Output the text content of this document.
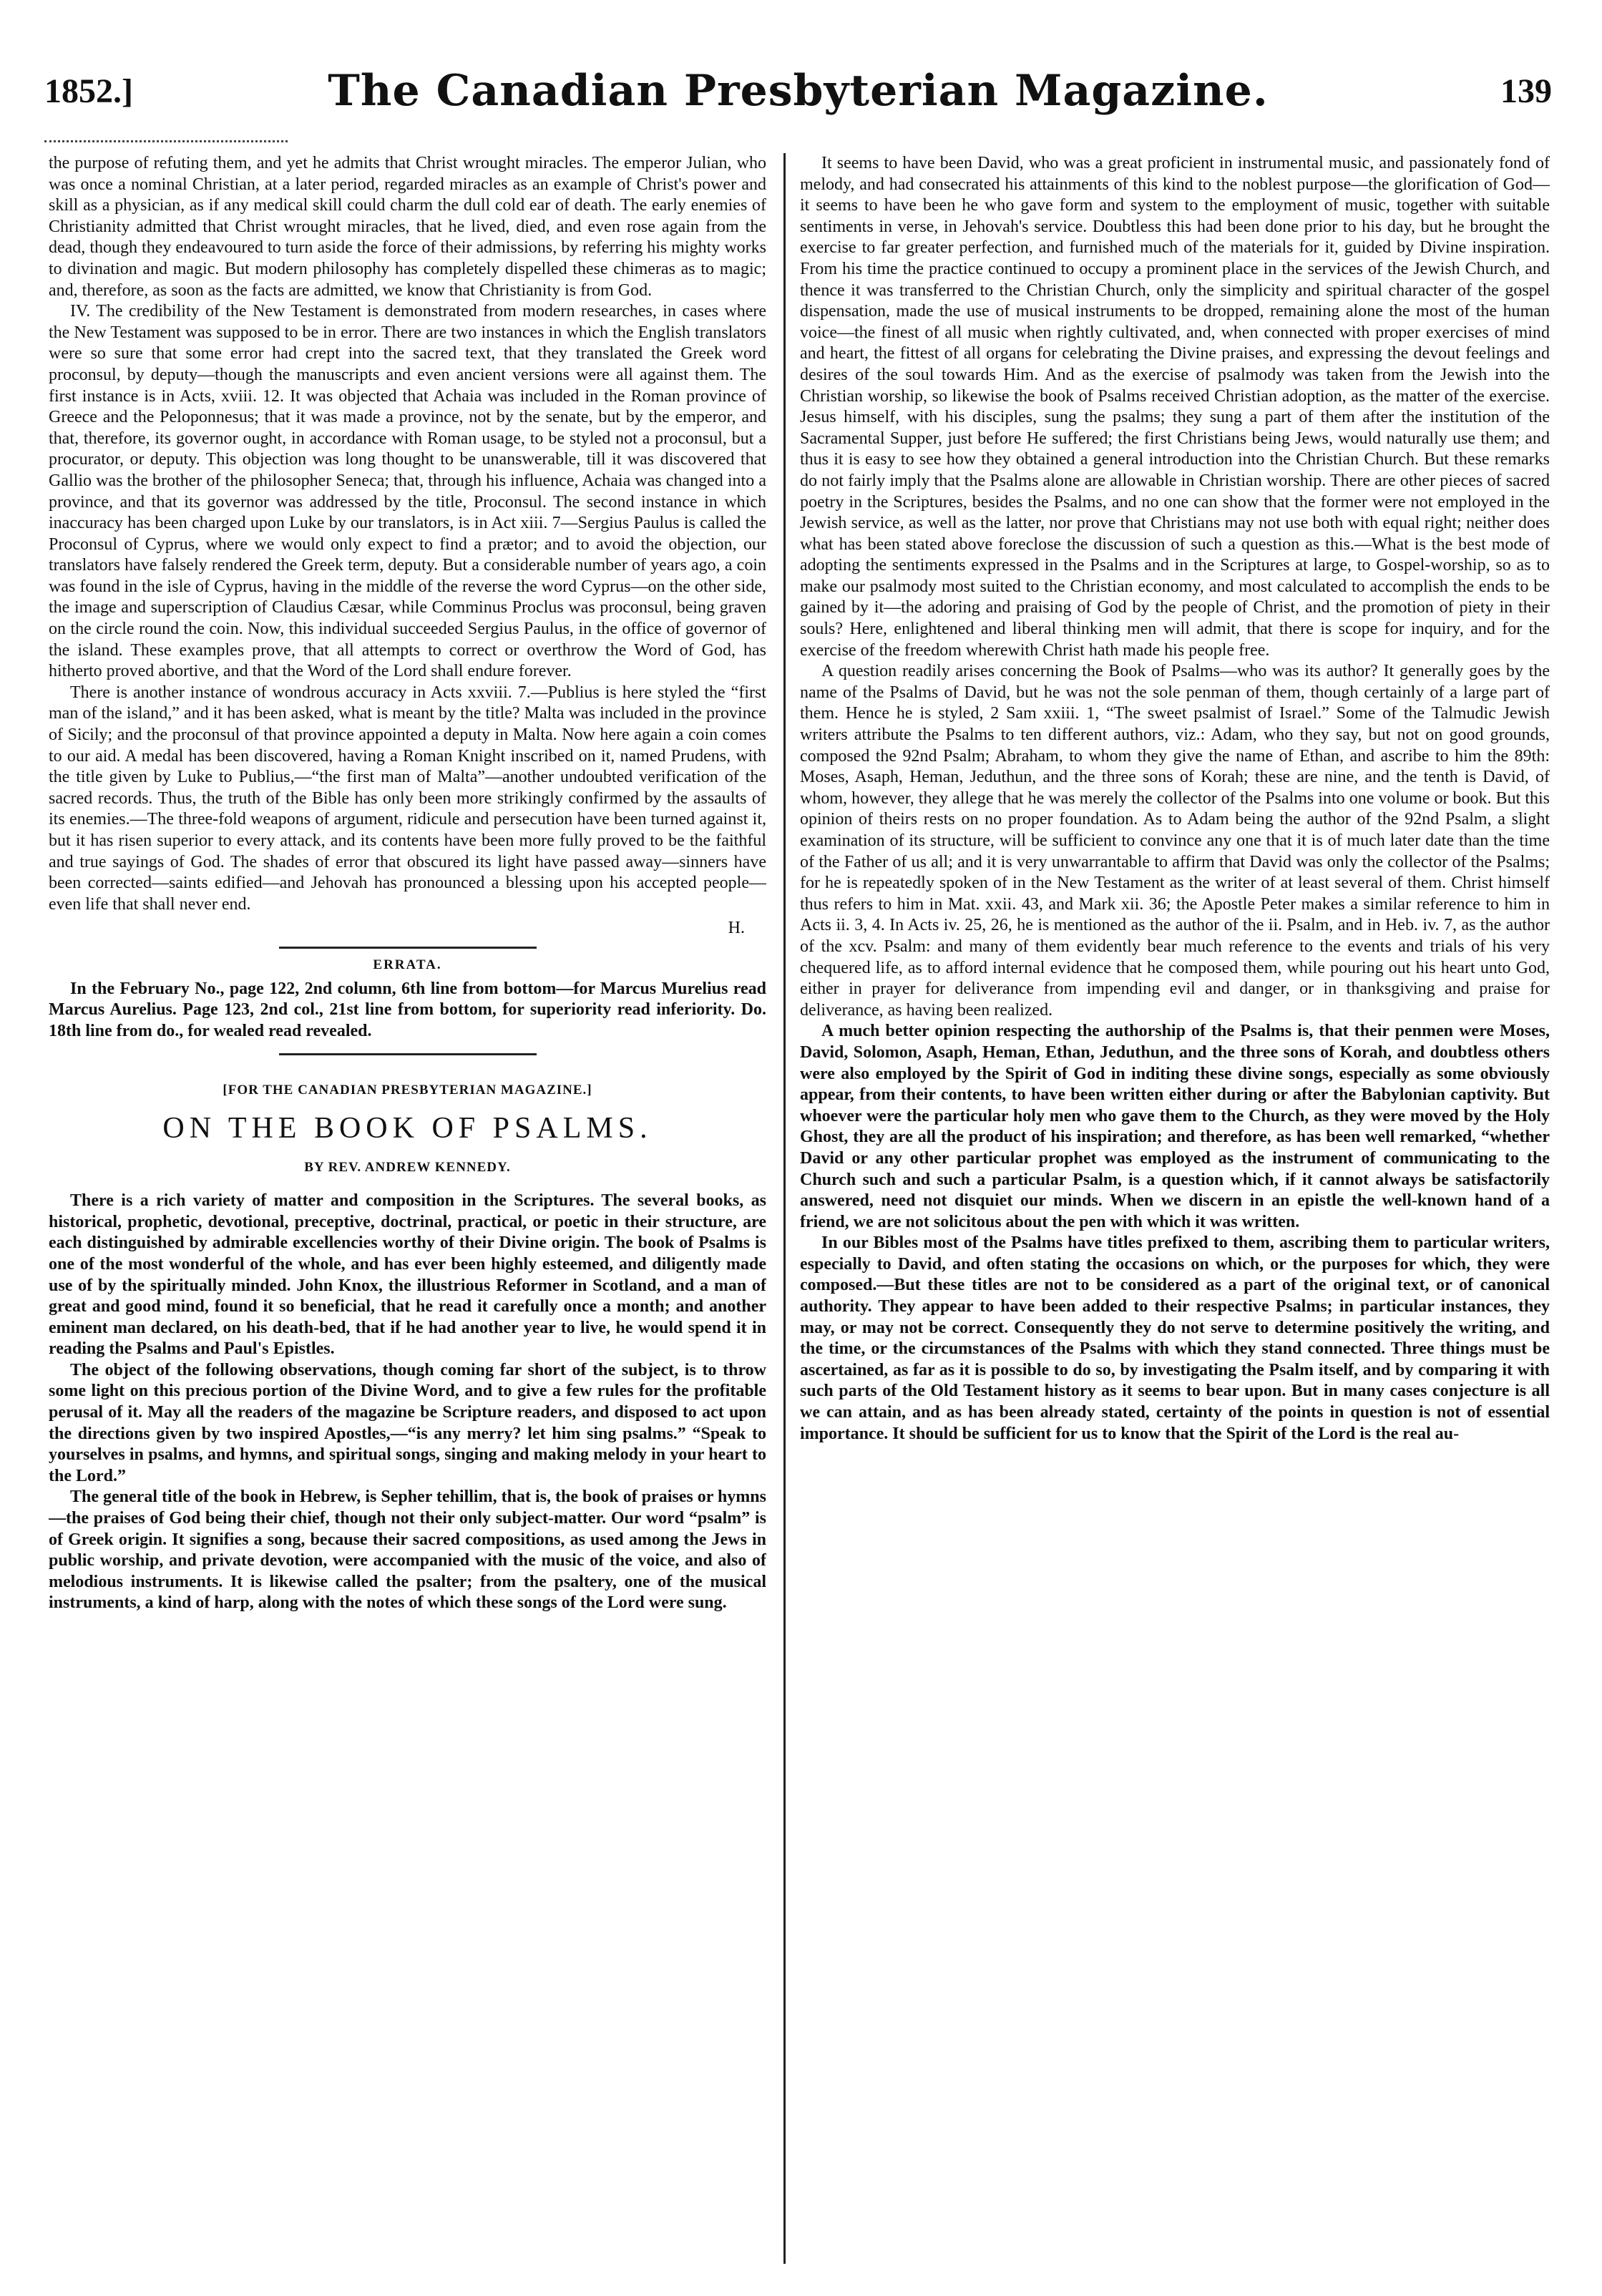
1852.]	The Canadian Presbyterian Magazine.	139

the purpose of refuting them, and yet he admits that Christ wrought miracles. The emperor Julian, who was once a nominal Christian, at a later period, regarded miracles as an example of Christ's power and skill as a physician, as if any medical skill could charm the dull cold ear of death. The early enemies of Christianity admitted that Christ wrought miracles, that he lived, died, and even rose again from the dead, though they endeavoured to turn aside the force of their admissions, by referring his mighty works to divination and magic. But modern philosophy has completely dispelled these chimeras as to magic; and, therefore, as soon as the facts are admitted, we know that Christianity is from God.

IV. The credibility of the New Testament is demonstrated from modern researches, in cases where the New Testament was supposed to be in error. There are two instances in which the English translators were so sure that some error had crept into the sacred text, that they translated the Greek word proconsul, by deputy—though the manuscripts and even ancient versions were all against them. The first instance is in Acts, xviii. 12. It was objected that Achaia was included in the Roman province of Greece and the Peloponnesus; that it was made a province, not by the senate, but by the emperor, and that, therefore, its governor ought, in accordance with Roman usage, to be styled not a proconsul, but a procurator, or deputy. This objection was long thought to be unanswerable, till it was discovered that Gallio was the brother of the philosopher Seneca; that, through his influence, Achaia was changed into a province, and that its governor was addressed by the title, Proconsul. The second instance in which inaccuracy has been charged upon Luke by our translators, is in Act xiii. 7—Sergius Paulus is called the Proconsul of Cyprus, where we would only expect to find a prætor; and to avoid the objection, our translators have falsely rendered the Greek term, deputy. But a considerable number of years ago, a coin was found in the isle of Cyprus, having in the middle of the reverse the word Cyprus—on the other side, the image and superscription of Claudius Cæsar, while Comminus Proclus was proconsul, being graven on the circle round the coin. Now, this individual succeeded Sergius Paulus, in the office of governor of the island. These examples prove, that all attempts to correct or overthrow the Word of God, has hitherto proved abortive, and that the Word of the Lord shall endure forever.

There is another instance of wondrous accuracy in Acts xxviii. 7.—Publius is here styled the “first man of the island,” and it has been asked, what is meant by the title? Malta was included in the province of Sicily; and the proconsul of that province appointed a deputy in Malta. Now here again a coin comes to our aid. A medal has been discovered, having a Roman Knight inscribed on it, named Prudens, with the title given by Luke to Publius,—“the first man of Malta”—another undoubted verification of the sacred records. Thus, the truth of the Bible has only been more strikingly confirmed by the assaults of its enemies.—The three-fold weapons of argument, ridicule and persecution have been turned against it, but it has risen superior to every attack, and its contents have been more fully proved to be the faithful and true sayings of God. The shades of error that obscured its light have passed away—sinners have been corrected—saints edified—and Jehovah has pronounced a blessing upon his accepted people—even life that shall never end.

H.
ERRATA.

In the February No., page 122, 2nd column, 6th line from bottom—for Marcus Murelius read Marcus Aurelius. Page 123, 2nd col., 21st line from bottom, for superiority read inferiority. Do. 18th line from do., for wealed read revealed.

[FOR THE CANADIAN PRESBYTERIAN MAGAZINE.]
ON THE BOOK OF PSALMS.
BY REV. ANDREW KENNEDY.

There is a rich variety of matter and composition in the Scriptures. The several books, as historical, prophetic, devotional, preceptive, doctrinal, practical, or poetic in their structure, are each distinguished by admirable excellencies worthy of their Divine origin. The book of Psalms is one of the most wonderful of the whole, and has ever been highly esteemed, and diligently made use of by the spiritually minded. John Knox, the illustrious Reformer in Scotland, and a man of great and good mind, found it so beneficial, that he read it carefully once a month; and another eminent man declared, on his death-bed, that if he had another year to live, he would spend it in reading the Psalms and Paul's Epistles.

The object of the following observations, though coming far short of the subject, is to throw some light on this precious portion of the Divine Word, and to give a few rules for the profitable perusal of it. May all the readers of the magazine be Scripture readers, and disposed to act upon the directions given by two inspired Apostles,—“is any merry? let him sing psalms.” “Speak to yourselves in psalms, and hymns, and spiritual songs, singing and making melody in your heart to the Lord.”

The general title of the book in Hebrew, is Sepher tehillim, that is, the book of praises or hymns—the praises of God being their chief, though not their only subject-matter. Our word “psalm” is of Greek origin. It signifies a song, because their sacred compositions, as used among the Jews in public worship, and private devotion, were accompanied with the music of the voice, and also of melodious instruments. It is likewise called the psalter; from the psaltery, one of the musical instruments, a kind of harp, along with the notes of which these songs of the Lord were sung.

It seems to have been David, who was a great proficient in instrumental music, and passionately fond of melody, and had consecrated his attainments of this kind to the noblest purpose—the glorification of God—it seems to have been he who gave form and system to the employment of music, together with suitable sentiments in verse, in Jehovah's service. Doubtless this had been done prior to his day, but he brought the exercise to far greater perfection, and furnished much of the materials for it, guided by Divine inspiration. From his time the practice continued to occupy a prominent place in the services of the Jewish Church, and thence it was transferred to the Christian Church, only the simplicity and spiritual character of the gospel dispensation, made the use of musical instruments to be dropped, remaining alone the most of the human voice—the finest of all music when rightly cultivated, and, when connected with proper exercises of mind and heart, the fittest of all organs for celebrating the Divine praises, and expressing the devout feelings and desires of the soul towards Him. And as the exercise of psalmody was taken from the Jewish into the Christian worship, so likewise the book of Psalms received Christian adoption, as the matter of the exercise. Jesus himself, with his disciples, sung the psalms; they sung a part of them after the institution of the Sacramental Supper, just before He suffered; the first Christians being Jews, would naturally use them; and thus it is easy to see how they obtained a general introduction into the Christian Church. But these remarks do not fairly imply that the Psalms alone are allowable in Christian worship. There are other pieces of sacred poetry in the Scriptures, besides the Psalms, and no one can show that the former were not employed in the Jewish service, as well as the latter, nor prove that Christians may not use both with equal right; neither does what has been stated above foreclose the discussion of such a question as this.—What is the best mode of adopting the sentiments expressed in the Psalms and in the Scriptures at large, to Gospel-worship, so as to make our psalmody most suited to the Christian economy, and most calculated to accomplish the ends to be gained by it—the adoring and praising of God by the people of Christ, and the promotion of piety in their souls? Here, enlightened and liberal thinking men will admit, that there is scope for inquiry, and for the exercise of the freedom wherewith Christ hath made his people free.

A question readily arises concerning the Book of Psalms—who was its author? It generally goes by the name of the Psalms of David, but he was not the sole penman of them, though certainly of a large part of them. Hence he is styled, 2 Sam xxiii. 1, “The sweet psalmist of Israel.” Some of the Talmudic Jewish writers attribute the Psalms to ten different authors, viz.: Adam, who they say, but not on good grounds, composed the 92nd Psalm; Abraham, to whom they give the name of Ethan, and ascribe to him the 89th: Moses, Asaph, Heman, Jeduthun, and the three sons of Korah; these are nine, and the tenth is David, of whom, however, they allege that he was merely the collector of the Psalms into one volume or book. But this opinion of theirs rests on no proper foundation. As to Adam being the author of the 92nd Psalm, a slight examination of its structure, will be sufficient to convince any one that it is of much later date than the time of the Father of us all; and it is very unwarrantable to affirm that David was only the collector of the Psalms; for he is repeatedly spoken of in the New Testament as the writer of at least several of them. Christ himself thus refers to him in Mat. xxii. 43, and Mark xii. 36; the Apostle Peter makes a similar reference to him in Acts ii. 3, 4. In Acts iv. 25, 26, he is mentioned as the author of the ii. Psalm, and in Heb. iv. 7, as the author of the xcv. Psalm: and many of them evidently bear much reference to the events and trials of his very chequered life, as to afford internal evidence that he composed them, while pouring out his heart unto God, either in prayer for deliverance from impending evil and danger, or in thanksgiving and praise for deliverance, as having been realized.

A much better opinion respecting the authorship of the Psalms is, that their penmen were Moses, David, Solomon, Asaph, Heman, Ethan, Jeduthun, and the three sons of Korah, and doubtless others were also employed by the Spirit of God in inditing these divine songs, especially as some obviously appear, from their contents, to have been written either during or after the Babylonian captivity. But whoever were the particular holy men who gave them to the Church, as they were moved by the Holy Ghost, they are all the product of his inspiration; and therefore, as has been well remarked, “whether David or any other particular prophet was employed as the instrument of communicating to the Church such and such a particular Psalm, is a question which, if it cannot always be satisfactorily answered, need not disquiet our minds. When we discern in an epistle the well-known hand of a friend, we are not solicitous about the pen with which it was written.

In our Bibles most of the Psalms have titles prefixed to them, ascribing them to particular writers, especially to David, and often stating the occasions on which, or the purposes for which, they were composed.—But these titles are not to be considered as a part of the original text, or of canonical authority. They appear to have been added to their respective Psalms; in particular instances, they may, or may not be correct. Consequently they do not serve to determine positively the writing, and the time, or the circumstances of the Psalms with which they stand connected. Three things must be ascertained, as far as it is possible to do so, by investigating the Psalm itself, and by comparing it with such parts of the Old Testament history as it seems to bear upon. But in many cases conjecture is all we can attain, and as has been already stated, certainty of the points in question is not of essential importance. It should be sufficient for us to know that the Spirit of the Lord is the real au-
